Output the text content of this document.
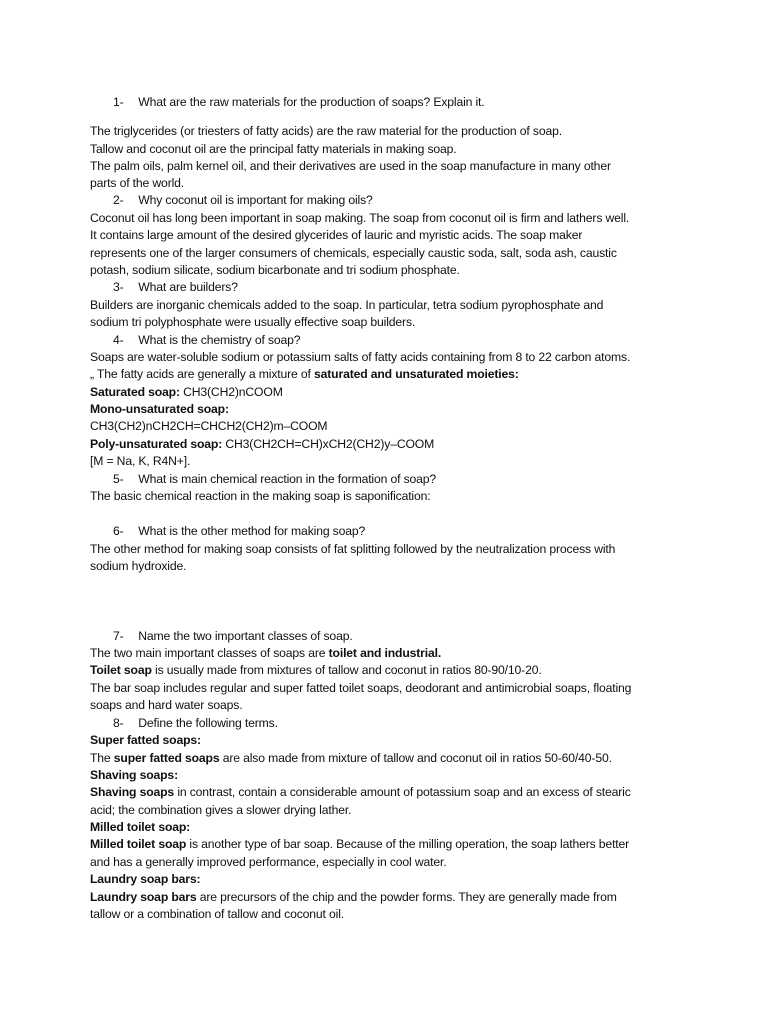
1- What are the raw materials for the production of soaps? Explain it.
The triglycerides (or triesters of fatty acids) are the raw material for the production of soap.
Tallow and coconut oil are the principal fatty materials in making soap.
The palm oils, palm kernel oil, and their derivatives are used in the soap manufacture in many other
parts of the world.
2- Why coconut oil is important for making oils?
Coconut oil has long been important in soap making. The soap from coconut oil is firm and lathers well.
It contains large amount of the desired glycerides of lauric and myristic acids. The soap maker
represents one of the larger consumers of chemicals, especially caustic soda, salt, soda ash, caustic
potash, sodium silicate, sodium bicarbonate and tri sodium phosphate.
3- What are builders?
Builders are inorganic chemicals added to the soap. In particular, tetra sodium pyrophosphate and
sodium tri polyphosphate were usually effective soap builders.
4- What is the chemistry of soap?
Soaps are water-soluble sodium or potassium salts of fatty acids containing from 8 to 22 carbon atoms.
„ The fatty acids are generally a mixture of saturated and unsaturated moieties:
Saturated soap: CH3(CH2)nCOOM
Mono-unsaturated soap:
CH3(CH2)nCH2CH=CHCH2(CH2)m–COOM
Poly-unsaturated soap: CH3(CH2CH=CH)xCH2(CH2)y–COOM
[M = Na, K, R4N+].
5- What is main chemical reaction in the formation of soap?
The basic chemical reaction in the making soap is saponification:
6- What is the other method for making soap?
The other method for making soap consists of fat splitting followed by the neutralization process with
sodium hydroxide.
7- Name the two important classes of soap.
The two main important classes of soaps are toilet and industrial.
Toilet soap is usually made from mixtures of tallow and coconut in ratios 80-90/10-20.
The bar soap includes regular and super fatted toilet soaps, deodorant and antimicrobial soaps, floating
soaps and hard water soaps.
8- Define the following terms.
Super fatted soaps:
The super fatted soaps are also made from mixture of tallow and coconut oil in ratios 50-60/40-50.
Shaving soaps:
Shaving soaps in contrast, contain a considerable amount of potassium soap and an excess of stearic
acid; the combination gives a slower drying lather.
Milled toilet soap:
Milled toilet soap is another type of bar soap. Because of the milling operation, the soap lathers better
and has a generally improved performance, especially in cool water.
Laundry soap bars:
Laundry soap bars are precursors of the chip and the powder forms. They are generally made from
tallow or a combination of tallow and coconut oil.
